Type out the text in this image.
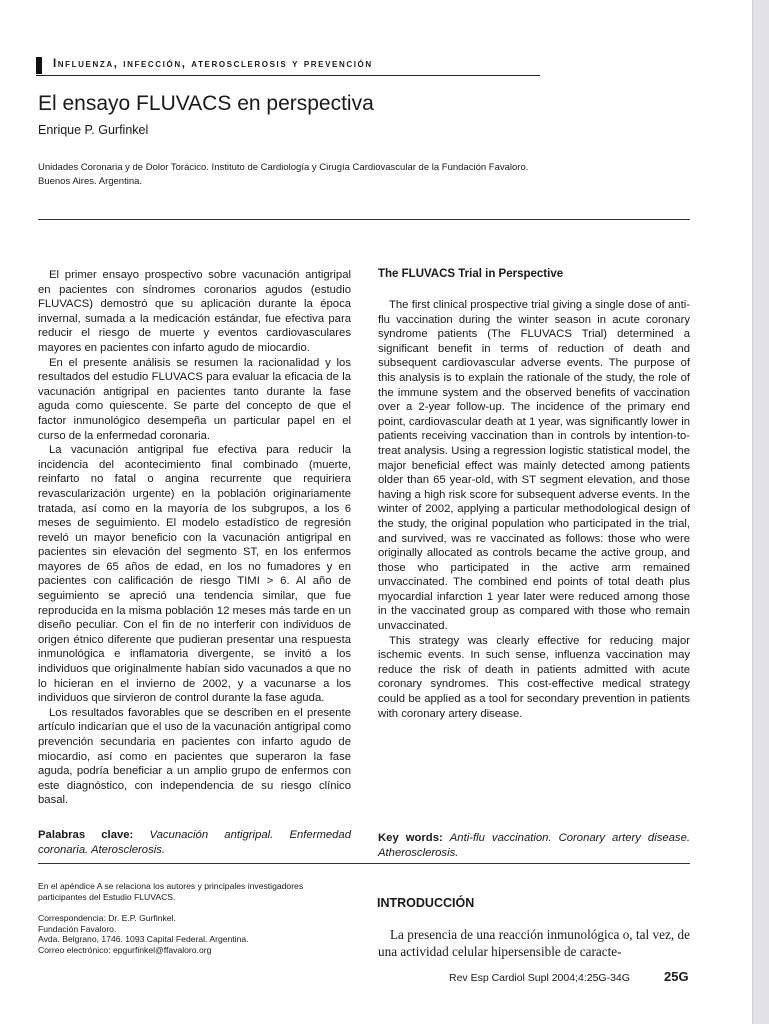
Influenza, infección, aterosclerosis y prevención
El ensayo FLUVACS en perspectiva
Enrique P. Gurfinkel
Unidades Coronaria y de Dolor Torácico. Instituto de Cardiología y Cirugía Cardiovascular de la Fundación Favaloro. Buenos Aires. Argentina.

El primer ensayo prospectivo sobre vacunación antigripal en pacientes con síndromes coronarios agudos (estudio FLUVACS) demostró que su aplicación durante la época invernal, sumada a la medicación estándar, fue efectiva para reducir el riesgo de muerte y eventos cardiovasculares mayores en pacientes con infarto agudo de miocardio.

En el presente análisis se resumen la racionalidad y los resultados del estudio FLUVACS para evaluar la eficacia de la vacunación antigripal en pacientes tanto durante la fase aguda como quiescente. Se parte del concepto de que el factor inmunológico desempeña un particular papel en el curso de la enfermedad coronaria.

La vacunación antigripal fue efectiva para reducir la incidencia del acontecimiento final combinado (muerte, reinfarto no fatal o angina recurrente que requiriera revascularización urgente) en la población originariamente tratada, así como en la mayoría de los subgrupos, a los 6 meses de seguimiento. El modelo estadístico de regresión reveló un mayor beneficio con la vacunación antigripal en pacientes sin elevación del segmento ST, en los enfermos mayores de 65 años de edad, en los no fumadores y en pacientes con calificación de riesgo TIMI > 6. Al año de seguimiento se apreció una tendencia similar, que fue reproducida en la misma población 12 meses más tarde en un diseño peculiar. Con el fin de no interferir con individuos de origen étnico diferente que pudieran presentar una respuesta inmunológica e inflamatoria divergente, se invitó a los individuos que originalmente habían sido vacunados a que no lo hicieran en el invierno de 2002, y a vacunarse a los individuos que sirvieron de control durante la fase aguda.

Los resultados favorables que se describen en el presente artículo indicarían que el uso de la vacunación antigripal como prevención secundaria en pacientes con infarto agudo de miocardio, así como en pacientes que superaron la fase aguda, podría beneficiar a un amplio grupo de enfermos con este diagnóstico, con independencia de su riesgo clínico basal.

The FLUVACS Trial in Perspective

The first clinical prospective trial giving a single dose of anti-flu vaccination during the winter season in acute coronary syndrome patients (The FLUVACS Trial) determined a significant benefit in terms of reduction of death and subsequent cardiovascular adverse events. The purpose of this analysis is to explain the rationale of the study, the role of the immune system and the observed benefits of vaccination over a 2-year follow-up. The incidence of the primary end point, cardiovascular death at 1 year, was significantly lower in patients receiving vaccination than in controls by intention-to-treat analysis. Using a regression logistic statistical model, the major beneficial effect was mainly detected among patients older than 65 year-old, with ST segment elevation, and those having a high risk score for subsequent adverse events. In the winter of 2002, applying a particular methodological design of the study, the original population who participated in the trial, and survived, was re vaccinated as follows: those who were originally allocated as controls became the active group, and those who participated in the active arm remained unvaccinated. The combined end points of total death plus myocardial infarction 1 year later were reduced among those in the vaccinated group as compared with those who remain unvaccinated.

This strategy was clearly effective for reducing major ischemic events. In such sense, influenza vaccination may reduce the risk of death in patients admitted with acute coronary syndromes. This cost-effective medical strategy could be applied as a tool for secondary prevention in patients with coronary artery disease.

Palabras clave: Vacunación antigripal. Enfermedad coronaria. Aterosclerosis.
Key words: Anti-flu vaccination. Coronary artery disease. Atherosclerosis.
En el apéndice A se relaciona los autores y principales investigadores participantes del Estudio FLUVACS.
Correspondencia: Dr. E.P. Gurfinkel.
Fundación Favaloro.
Avda. Belgrano, 1746. 1093 Capital Federal. Argentina.
Correo electrónico: epgurfinkel@ffavaloro.org
INTRODUCCIÓN
La presencia de una reacción inmunológica o, tal vez, de una actividad celular hipersensible de caracte-
Rev Esp Cardiol Supl 2004;4:25G-34G	25G
